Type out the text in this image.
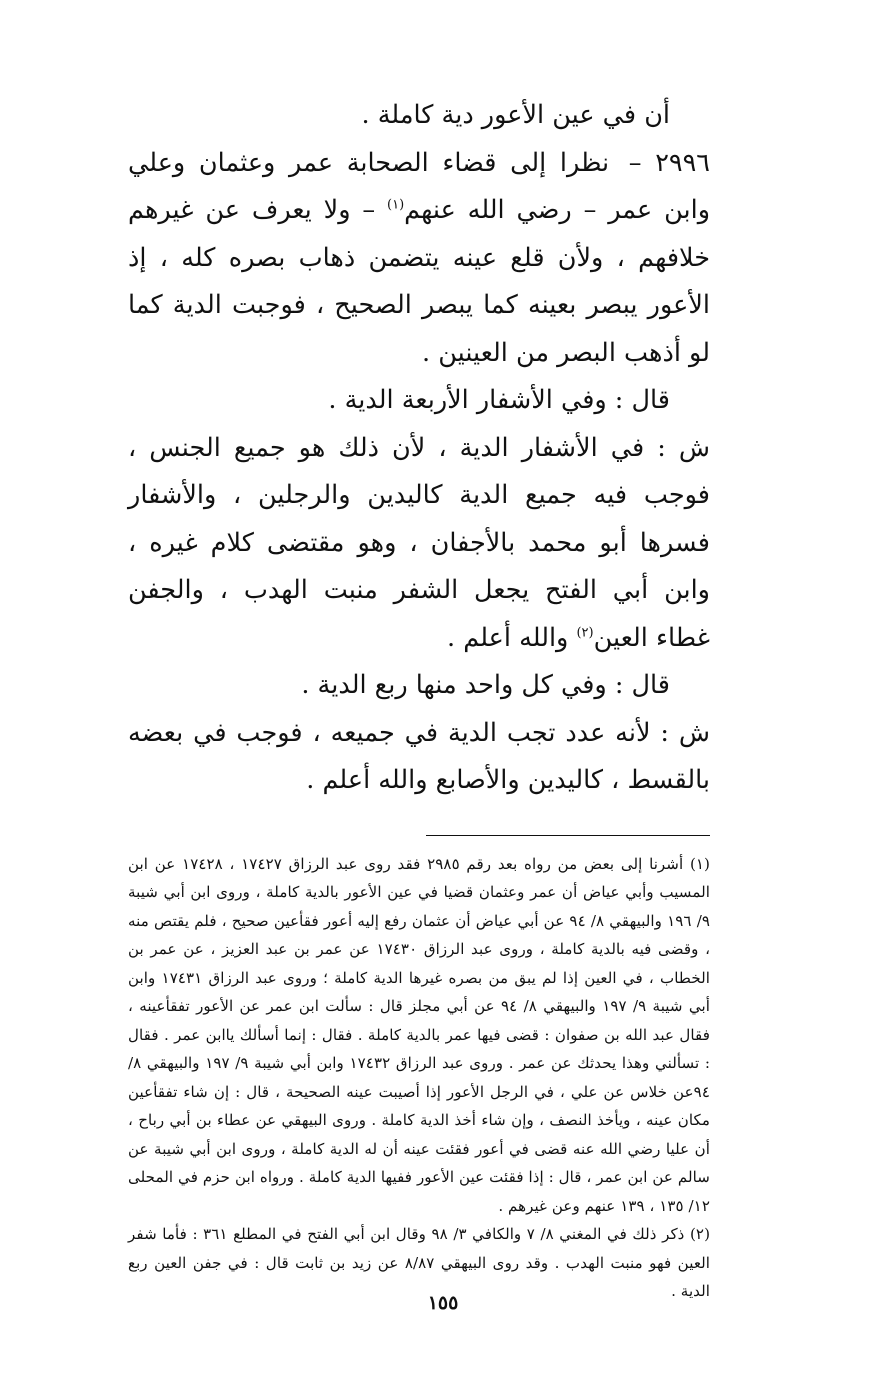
أن في عين الأعور دية كاملة .

٢٩٩٦ – نظرا إلى قضاء الصحابة عمر وعثمان وعلي وابن عمر – رضي الله عنهم$^{(١)}$ – ولا يعرف عن غيرهم خلافهم ، ولأن قلع عينه يتضمن ذهاب بصره كله ، إذ الأعور يبصر بعينه كما يبصر الصحيح ، فوجبت الدية كما لو أذهب البصر من العينين .

قال : وفي الأشفار الأربعة الدية .

ش : في الأشفار الدية ، لأن ذلك هو جميع الجنس ، فوجب فيه جميع الدية كاليدين والرجلين ، والأشفار فسرها أبو محمد بالأجفان ، وهو مقتضى كلام غيره ، وابن أبي الفتح يجعل الشفر منبت الهدب ، والجفن غطاء العين$^{(٢)}$ والله أعلم .

قال : وفي كل واحد منها ربع الدية .

ش : لأنه عدد تجب الدية في جميعه ، فوجب في بعضه بالقسط ، كاليدين والأصابع والله أعلم .

(١) أشرنا إلى بعض من رواه بعد رقم ٢٩٨٥ فقد روى عبد الرزاق ١٧٤٢٧ ، ١٧٤٢٨ عن ابن المسيب وأبي عياض أن عمر وعثمان قضيا في عين الأعور بالدية كاملة ، وروى ابن أبي شيبة ٩/ ١٩٦ والبيهقي ٨/ ٩٤ عن أبي عياض أن عثمان رفع إليه أعور فقأعين صحيح ، فلم يقتص منه ، وقضى فيه بالدية كاملة ، وروى عبد الرزاق ١٧٤٣٠ عن عمر بن عبد العزيز ، عن عمر بن الخطاب ، في العين إذا لم يبق من بصره غيرها الدية كاملة ؛ وروى عبد الرزاق ١٧٤٣١ وابن أبي شيبة ٩/ ١٩٧ والبيهقي ٨/ ٩٤ عن أبي مجلز قال : سألت ابن عمر عن الأعور تفقأعينه ، فقال عبد الله بن صفوان : قضى فيها عمر بالدية كاملة . فقال : إنما أسألك ياابن عمر . فقال : تسألني وهذا يحدثك عن عمر . وروى عبد الرزاق ١٧٤٣٢ وابن أبي شيبة ٩/ ١٩٧ والبيهقي ٨/ ٩٤عن خلاس عن علي ، في الرجل الأعور إذا أصيبت عينه الصحيحة ، قال : إن شاء تفقأعين مكان عينه ، ويأخذ النصف ، وإن شاء أخذ الدية كاملة . وروى البيهقي عن عطاء بن أبي رباح ، أن عليا رضي الله عنه قضى في أعور فقئت عينه أن له الدية كاملة ، وروى ابن أبي شيبة عن سالم عن ابن عمر ، قال : إذا فقئت عين الأعور ففيها الدية كاملة . ورواه ابن حزم في المحلى ١٢/ ١٣٥ ، ١٣٩ عنهم وعن غيرهم .

(٢) ذكر ذلك في المغني ٨/ ٧ والكافي ٣/ ٩٨ وقال ابن أبي الفتح في المطلع ٣٦١ : فأما شفر العين فهو منبت الهدب . وقد روى البيهقي ٨/٨٧ عن زيد بن ثابت قال : في جفن العين ربع الدية .

١٥٥
